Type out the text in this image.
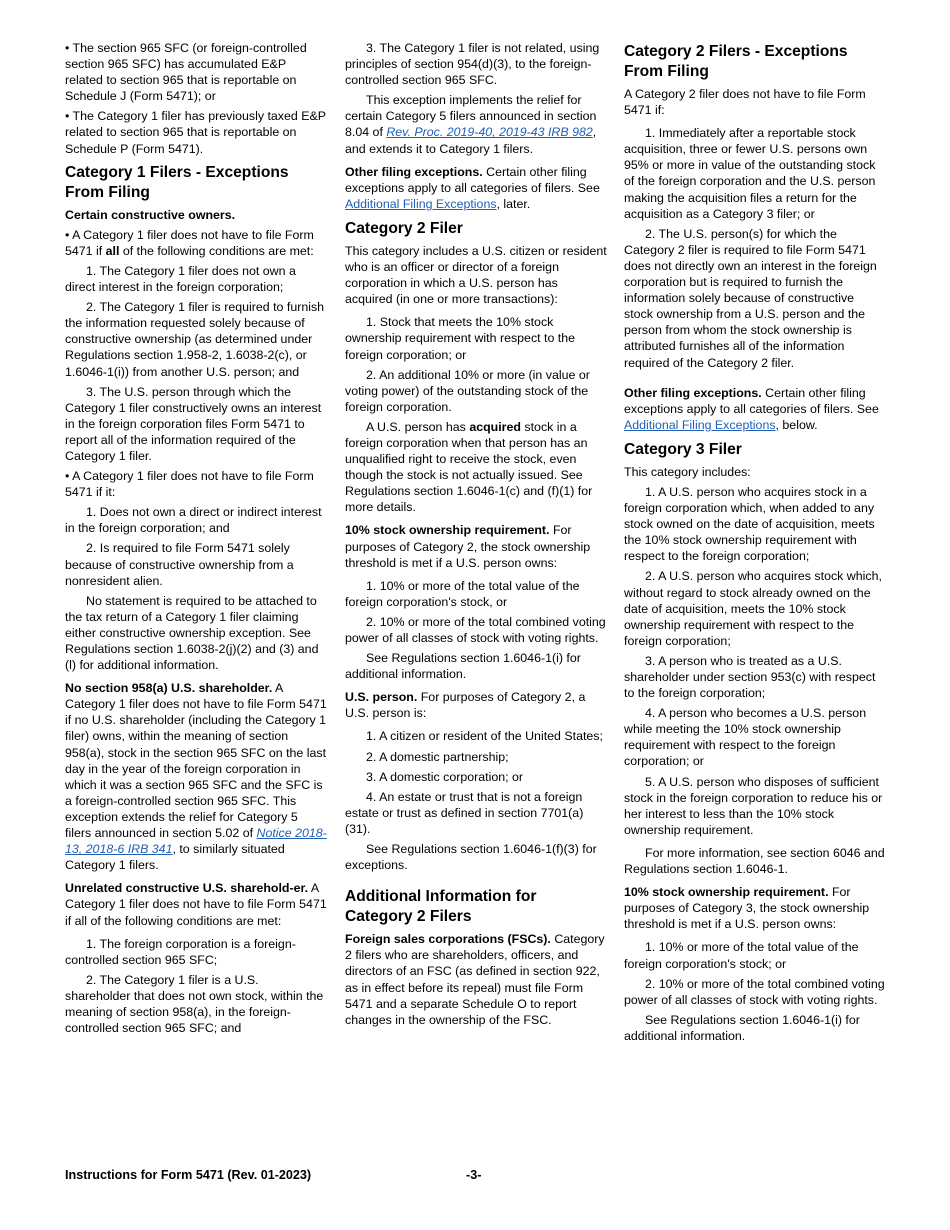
• The section 965 SFC (or foreign-controlled section 965 SFC) has accumulated E&P related to section 965 that is reportable on Schedule J (Form 5471); or

• The Category 1 filer has previously taxed E&P related to section 965 that is reportable on Schedule P (Form 5471).

Category 1 Filers - Exceptions From Filing

Certain constructive owners.

• A Category 1 filer does not have to file Form 5471 if all of the following conditions are met:

1. The Category 1 filer does not own a direct interest in the foreign corporation;

2. The Category 1 filer is required to furnish the information requested solely because of constructive ownership (as determined under Regulations section 1.958-2, 1.6038-2(c), or 1.6046-1(i)) from another U.S. person; and

3. The U.S. person through which the Category 1 filer constructively owns an interest in the foreign corporation files Form 5471 to report all of the information required of the Category 1 filer.

• A Category 1 filer does not have to file Form 5471 if it:

1. Does not own a direct or indirect interest in the foreign corporation; and

2. Is required to file Form 5471 solely because of constructive ownership from a nonresident alien.

No statement is required to be attached to the tax return of a Category 1 filer claiming either constructive ownership exception. See Regulations section 1.6038-2(j)(2) and (3) and (l) for additional information.

No section 958(a) U.S. shareholder. A Category 1 filer does not have to file Form 5471 if no U.S. shareholder (including the Category 1 filer) owns, within the meaning of section 958(a), stock in the section 965 SFC on the last day in the year of the foreign corporation in which it was a section 965 SFC and the SFC is a foreign-controlled section 965 SFC. This exception extends the relief for Category 5 filers announced in section 5.02 of Notice 2018-13, 2018-6 IRB 341, to similarly situated Category 1 filers.

Unrelated constructive U.S. sharehold-er. A Category 1 filer does not have to file Form 5471 if all of the following conditions are met:

1. The foreign corporation is a foreign-controlled section 965 SFC;

2. The Category 1 filer is a U.S. shareholder that does not own stock, within the meaning of section 958(a), in the foreign-controlled section 965 SFC; and

3. The Category 1 filer is not related, using principles of section 954(d)(3), to the foreign-controlled section 965 SFC.

This exception implements the relief for certain Category 5 filers announced in section 8.04 of Rev. Proc. 2019-40, 2019-43 IRB 982, and extends it to Category 1 filers.

Other filing exceptions. Certain other filing exceptions apply to all categories of filers. See Additional Filing Exceptions, later.

Category 2 Filer

This category includes a U.S. citizen or resident who is an officer or director of a foreign corporation in which a U.S. person has acquired (in one or more transactions):

1. Stock that meets the 10% stock ownership requirement with respect to the foreign corporation; or

2. An additional 10% or more (in value or voting power) of the outstanding stock of the foreign corporation.

A U.S. person has acquired stock in a foreign corporation when that person has an unqualified right to receive the stock, even though the stock is not actually issued. See Regulations section 1.6046-1(c) and (f)(1) for more details.

10% stock ownership requirement. For purposes of Category 2, the stock ownership threshold is met if a U.S. person owns:

1. 10% or more of the total value of the foreign corporation's stock, or

2. 10% or more of the total combined voting power of all classes of stock with voting rights.

See Regulations section 1.6046-1(i) for additional information.

U.S. person. For purposes of Category 2, a U.S. person is:

1. A citizen or resident of the United States;

2. A domestic partnership;

3. A domestic corporation; or

4. An estate or trust that is not a foreign estate or trust as defined in section 7701(a)(31).

See Regulations section 1.6046-1(f)(3) for exceptions.

Additional Information for Category 2 Filers

Foreign sales corporations (FSCs). Category 2 filers who are shareholders, officers, and directors of an FSC (as defined in section 922, as in effect before its repeal) must file Form 5471 and a separate Schedule O to report changes in the ownership of the FSC.

Category 2 Filers - Exceptions From Filing

A Category 2 filer does not have to file Form 5471 if:

1. Immediately after a reportable stock acquisition, three or fewer U.S. persons own 95% or more in value of the outstanding stock of the foreign corporation and the U.S. person making the acquisition files a return for the acquisition as a Category 3 filer; or

2. The U.S. person(s) for which the Category 2 filer is required to file Form 5471 does not directly own an interest in the foreign corporation but is required to furnish the information solely because of constructive stock ownership from a U.S. person and the person from whom the stock ownership is attributed furnishes all of the information required of the Category 2 filer.

Other filing exceptions. Certain other filing exceptions apply to all categories of filers. See Additional Filing Exceptions, below.

Category 3 Filer

This category includes:

1. A U.S. person who acquires stock in a foreign corporation which, when added to any stock owned on the date of acquisition, meets the 10% stock ownership requirement with respect to the foreign corporation;

2. A U.S. person who acquires stock which, without regard to stock already owned on the date of acquisition, meets the 10% stock ownership requirement with respect to the foreign corporation;

3. A person who is treated as a U.S. shareholder under section 953(c) with respect to the foreign corporation;

4. A person who becomes a U.S. person while meeting the 10% stock ownership requirement with respect to the foreign corporation; or

5. A U.S. person who disposes of sufficient stock in the foreign corporation to reduce his or her interest to less than the 10% stock ownership requirement.

For more information, see section 6046 and Regulations section 1.6046-1.

10% stock ownership requirement. For purposes of Category 3, the stock ownership threshold is met if a U.S. person owns:

1. 10% or more of the total value of the foreign corporation's stock; or

2. 10% or more of the total combined voting power of all classes of stock with voting rights.

See Regulations section 1.6046-1(i) for additional information.

Instructions for Form 5471 (Rev. 01-2023)	-3-
